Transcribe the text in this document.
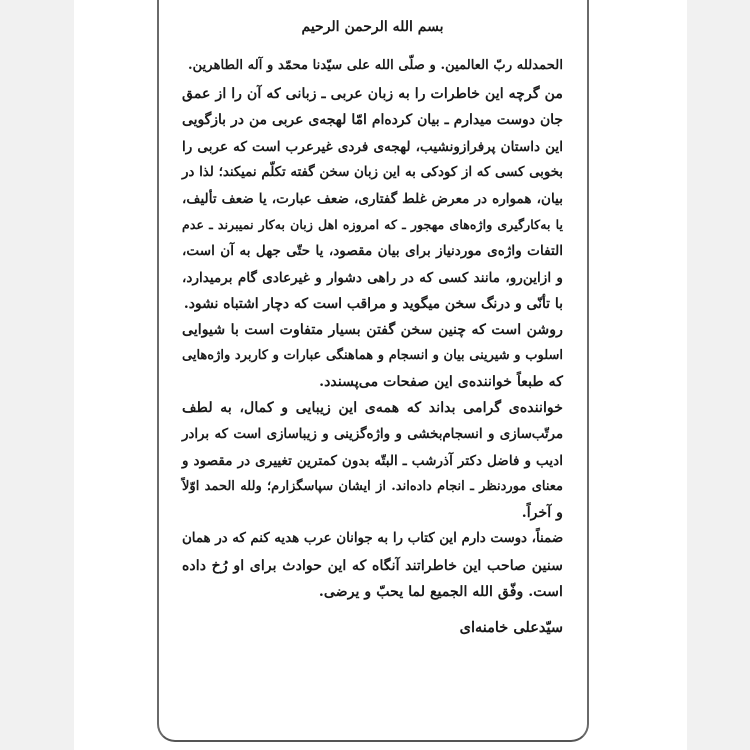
بسم الله الرحمن الرحیم
الحمدلله ربّ العالمین. و صلّی الله علی سیّدنا محمّد و آله الطاهرین.
من گرچه این خاطرات را به زبان عربی ـ زبانی که آن را از عمق
جان دوست میدارم ـ بیان کرده‌ام امّا لهجه‌ی عربی من در بازگویی
این داستان پرفرازونشیب، لهجه‌ی فردی غیرعرب است که عربی را
بخوبی کسی که از کودکی به این زبان سخن گفته تکلّم نمیکند؛ لذا در
بیان، همواره در معرض غلط گفتاری، ضعف عبارت، یا ضعف تألیف،
یا به‌کارگیری واژه‌های مهجور ـ که امروزه اهل زبان به‌کار نمیبرند ـ عدم
التفات واژه‌ی موردنیاز برای بیان مقصود، یا حتّی جهل به آن است،
و ازاین‌رو، مانند کسی که در راهی دشوار و غیرعادی گام برمیدارد،
با تأنّی و درنگ سخن میگوید و مراقب است که دچار اشتباه نشود.
روشن است که چنین سخن گفتن بسیار متفاوت است با شیوایی
اسلوب و شیرینی بیان و انسجام و هماهنگی عبارات و کاربرد واژه‌هایی
که طبعاً خواننده‌ی این صفحات می‌پسندد.
خواننده‌ی گرامی بداند که همه‌ی این زیبایی و کمال، به لطف
مرتّب‌سازی و انسجام‌بخشی و واژه‌گزینی و زیباسازی است که برادر
ادیب و فاضل دکتر آذرشب ـ البتّه بدون کمترین تغییری در مقصود و
معنای موردنظر ـ انجام داده‌اند. از ایشان سپاسگزارم؛ ولله الحمد اوّلاً
و آخراً.
ضمناً، دوست دارم این کتاب را به جوانان عرب هدیه کنم که در همان
سنین صاحب این خاطراتند آنگاه که این حوادث برای او رُخ داده
است. وفّق الله الجمیع لما یحبّ و یرضی.
سیّدعلی خامنه‌ای
